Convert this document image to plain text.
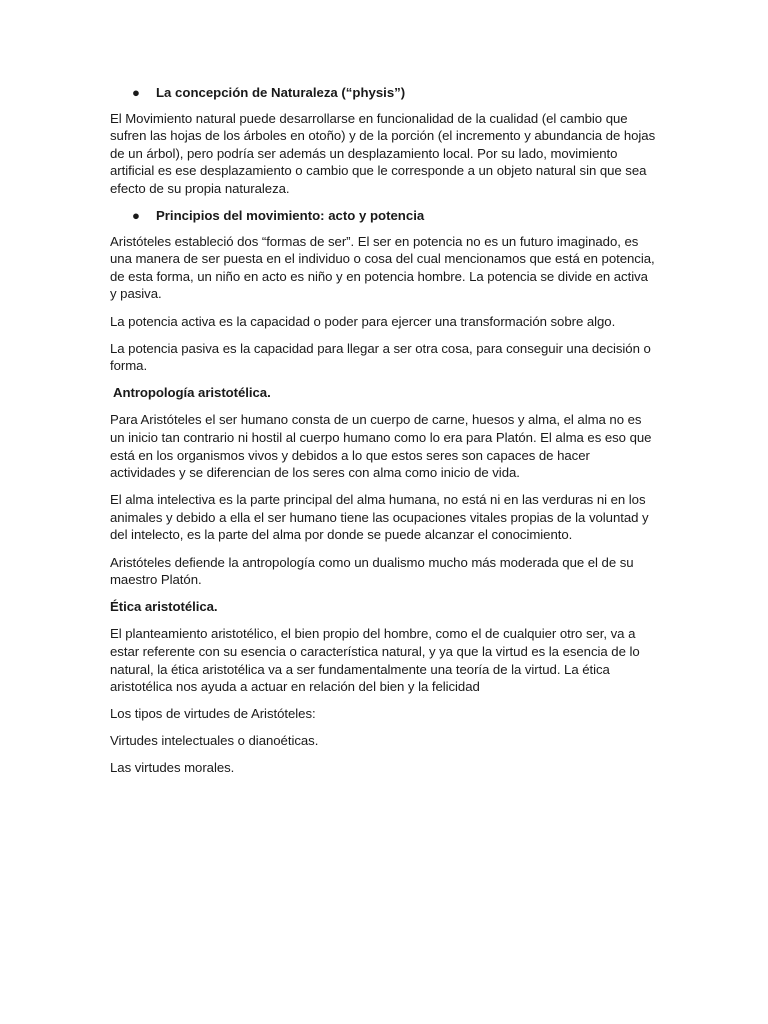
●	La concepción de Naturaleza (“physis”)

El Movimiento natural puede desarrollarse en funcionalidad de la cualidad (el cambio que sufren las hojas de los árboles en otoño) y de la porción (el incremento y abundancia de hojas de un árbol), pero podría ser además un desplazamiento local. Por su lado, movimiento artificial es ese desplazamiento o cambio que le corresponde a un objeto natural sin que sea efecto de su propia naturaleza.

●	Principios del movimiento: acto y potencia

Aristóteles estableció dos “formas de ser”. El ser en potencia no es un futuro imaginado, es una manera de ser puesta en el individuo o cosa del cual mencionamos que está en potencia, de esta forma, un niño en acto es niño y en potencia hombre. La potencia se divide en activa y pasiva.

La potencia activa es la capacidad o poder para ejercer una transformación sobre algo.

La potencia pasiva es la capacidad para llegar a ser otra cosa, para conseguir una decisión o forma.

Antropología aristotélica.

Para Aristóteles el ser humano consta de un cuerpo de carne, huesos y alma, el alma no es un inicio tan contrario ni hostil al cuerpo humano como lo era para Platón. El alma es eso que está en los organismos vivos y debidos a lo que estos seres son capaces de hacer actividades y se diferencian de los seres con alma como inicio de vida.

El alma intelectiva es la parte principal del alma humana, no está ni en las verduras ni en los animales y debido a ella el ser humano tiene las ocupaciones vitales propias de la voluntad y del intelecto, es la parte del alma por donde se puede alcanzar el conocimiento.

Aristóteles defiende la antropología como un dualismo mucho más moderada que el de su maestro Platón.

Ética aristotélica.

El planteamiento aristotélico, el bien propio del hombre, como el de cualquier otro ser, va a estar referente con su esencia o característica natural, y ya que la virtud es la esencia de lo natural, la ética aristotélica va a ser fundamentalmente una teoría de la virtud. La ética aristotélica nos ayuda a actuar en relación del bien y la felicidad

Los tipos de virtudes de Aristóteles:

Virtudes intelectuales o dianoéticas.

Las virtudes morales.
